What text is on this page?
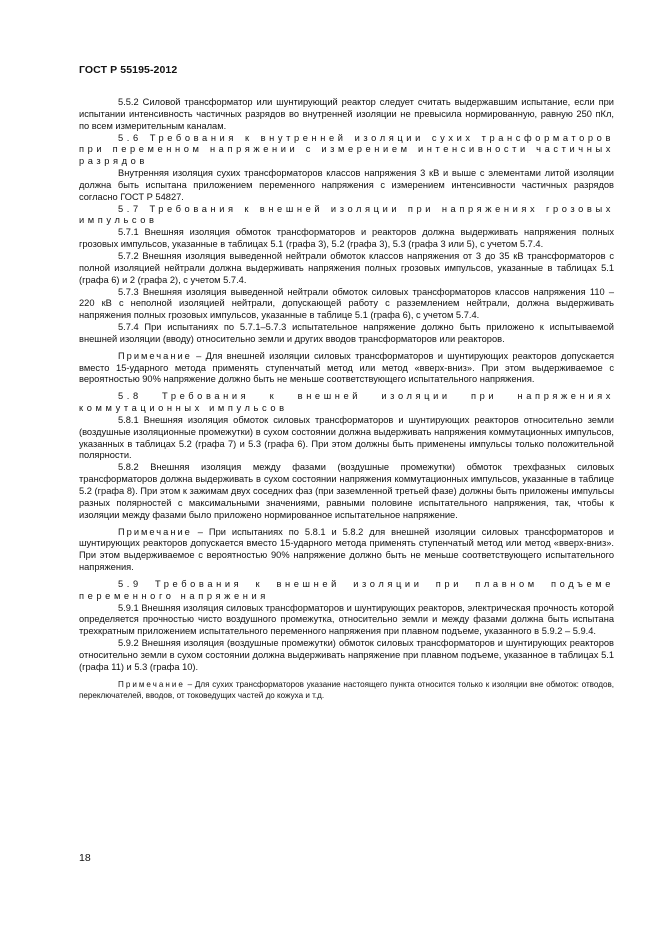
ГОСТ Р 55195-2012

5.5.2 Силовой трансформатор или шунтирующий реактор следует считать выдержавшим испытание, если при испытании интенсивность частичных разрядов во внутренней изоляции не превысила нормированную, равную 250 пКл, по всем измерительным каналам.

5.6 Требования к внутренней изоляции сухих трансформаторов при переменном напряжении с измерением интенсивности частичных разрядов

Внутренняя изоляция сухих трансформаторов классов напряжения 3 кВ и выше с элементами литой изоляции должна быть испытана приложением переменного напряжения с измерением интенсивности частичных разрядов согласно ГОСТ Р 54827.

5.7 Требования к внешней изоляции при напряжениях грозовых импульсов

5.7.1 Внешняя изоляция обмоток трансформаторов и реакторов должна выдерживать напряжения полных грозовых импульсов, указанные в таблицах 5.1 (графа 3), 5.2 (графа 3), 5.3 (графа 3 или 5), с учетом 5.7.4.

5.7.2 Внешняя изоляция выведенной нейтрали обмоток классов напряжения от 3 до 35 кВ трансформаторов с полной изоляцией нейтрали должна выдерживать напряжения полных грозовых импульсов, указанные в таблицах 5.1 (графа 6) и 2 (графа 2), с учетом 5.7.4.

5.7.3 Внешняя изоляция выведенной нейтрали обмоток силовых трансформаторов классов напряжения 110 – 220 кВ с неполной изоляцией нейтрали, допускающей работу с разземлением нейтрали, должна выдерживать напряжения полных грозовых импульсов, указанные в таблице 5.1 (графа 6), с учетом 5.7.4.

5.7.4 При испытаниях по 5.7.1–5.7.3 испытательное напряжение должно быть приложено к испытываемой внешней изоляции (вводу) относительно земли и других вводов трансформаторов или реакторов.

Примечание – Для внешней изоляции силовых трансформаторов и шунтирующих реакторов допускается вместо 15-ударного метода применять ступенчатый метод или метод «вверх-вниз». При этом выдерживаемое с вероятностью 90% напряжение должно быть не меньше соответствующего испытательного напряжения.

5.8 Требования к внешней изоляции при напряжениях коммутационных импульсов

5.8.1 Внешняя изоляция обмоток силовых трансформаторов и шунтирующих реакторов относительно земли (воздушные изоляционные промежутки) в сухом состоянии должна выдерживать напряжения коммутационных импульсов, указанных в таблицах 5.2 (графа 7) и 5.3 (графа 6). При этом должны быть применены импульсы только положительной полярности.

5.8.2 Внешняя изоляция между фазами (воздушные промежутки) обмоток трехфазных силовых трансформаторов должна выдерживать в сухом состоянии напряжения коммутационных импульсов, указанные в таблице 5.2 (графа 8). При этом к зажимам двух соседних фаз (при заземленной третьей фазе) должны быть приложены импульсы разных полярностей с максимальными значениями, равными половине испытательного напряжения, так, чтобы к изоляции между фазами было приложено нормированное испытательное напряжение.

Примечание – При испытаниях по 5.8.1 и 5.8.2 для внешней изоляции силовых трансформаторов и шунтирующих реакторов допускается вместо 15-ударного метода применять ступенчатый метод или метод «вверх-вниз». При этом выдерживаемое с вероятностью 90% напряжение должно быть не меньше соответствующего испытательного напряжения.

5.9 Требования к внешней изоляции при плавном подъеме переменного напряжения

5.9.1 Внешняя изоляция силовых трансформаторов и шунтирующих реакторов, электрическая прочность которой определяется прочностью чисто воздушного промежутка, относительно земли и между фазами должна быть испытана трехкратным приложением испытательного переменного напряжения при плавном подъеме, указанного в 5.9.2 – 5.9.4.

5.9.2 Внешняя изоляция (воздушные промежутки) обмоток силовых трансформаторов и шунтирующих реакторов относительно земли в сухом состоянии должна выдерживать напряжение при плавном подъеме, указанное в таблицах 5.1 (графа 11) и 5.3 (графа 10).

Примечание – Для сухих трансформаторов указание настоящего пункта относится только к изоляции вне обмоток: отводов, переключателей, вводов, от токоведущих частей до кожуха и т.д.

18
